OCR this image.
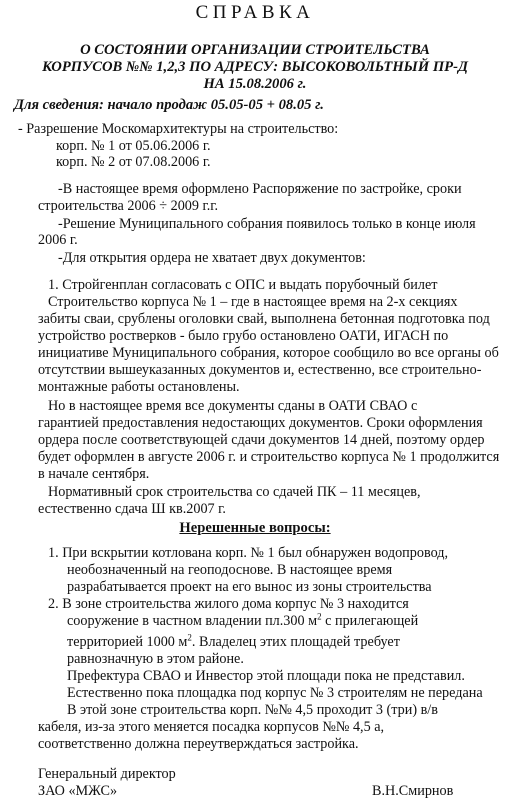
СПРАВКА
О СОСТОЯНИИ ОРГАНИЗАЦИИ СТРОИТЕЛЬСТВА
КОРПУСОВ №№ 1,2,3 ПО АДРЕСУ: ВЫСОКОВОЛЬТНЫЙ ПР-Д
НА 15.08.2006 г.
Для сведения: начало продаж 05.05-05 + 08.05 г.
- Разрешение Москомархитектуры на строительство:
корп. № 1 от 05.06.2006 г.
корп. № 2 от 07.08.2006 г.
-В настоящее время оформлено Распоряжение по застройке, сроки
строительства 2006 ÷ 2009 г.г.
-Решение Муниципального собрания появилось только в конце июля
2006 г.
-Для открытия ордера не хватает двух документов:
1. Стройгенплан согласовать с ОПС и выдать порубочный билет
Строительство корпуса № 1 – где в настоящее время на 2-х секциях
забиты сваи, срублены оголовки свай, выполнена бетонная подготовка под
устройство ростверков - было грубо остановлено ОАТИ, ИГАСН по
инициативе Муниципального собрания, которое сообщило во все органы об
отсутствии вышеуказанных документов и, естественно, все строительно-
монтажные работы остановлены.
Но в настоящее время все документы сданы в ОАТИ СВАО с
гарантией предоставления недостающих документов. Сроки оформления
ордера после соответствующей сдачи документов 14 дней, поэтому ордер
будет оформлен в августе 2006 г. и строительство корпуса № 1 продолжится
в начале сентября.
Нормативный срок строительства со сдачей ПК – 11 месяцев,
естественно сдача Ш кв.2007 г.
Нерешенные вопросы:
1. При вскрытии котлована корп. № 1 был обнаружен водопровод,
необозначенный на геоподоснове. В настоящее время
разрабатывается проект на его вынос из зоны строительства
2. В зоне строительства жилого дома корпус № 3 находится
сооружение в частном владении пл.300 $м^2$ с прилегающей
территорией 1000 $м^2$. Владелец этих площадей требует
равнозначную в этом районе.
Префектура СВАО и Инвестор этой площади пока не представил.
Естественно пока площадка под корпус № 3 строителям не передана
В этой зоне строительства корп. №№ 4,5 проходит 3 (три) в/в
кабеля, из-за этого меняется посадка корпусов №№ 4,5 а,
соответственно должна переутверждаться застройка.
Генеральный директор
ЗАО «МЖС»	В.Н.Смирнов
